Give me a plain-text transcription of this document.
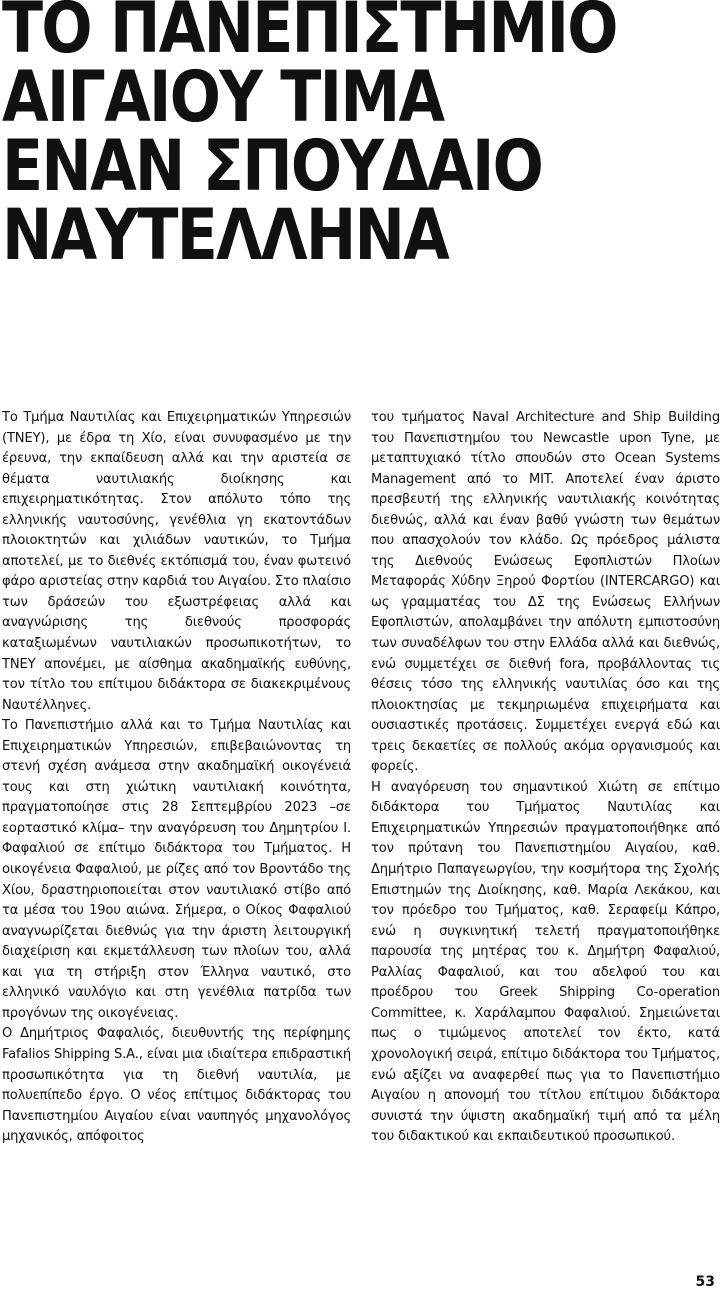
ΤΟ ΠΑΝΕΠΙΣΤΗΜΙΟ
ΑΙΓΑΙΟΥ ΤΙΜΑ
ΕΝΑΝ ΣΠΟΥΔΑΙΟ
ΝΑΥΤΕΛΛΗΝΑ

Το Τμήμα Ναυτιλίας και Επιχειρηματικών Υπηρεσιών (ΤΝΕΥ), με έδρα τη Χίο, είναι συνυφασμένο με την έρευνα, την εκπαίδευση αλλά και την αριστεία σε θέματα ναυτιλιακής διοίκησης και επιχειρηματικότητας. Στον απόλυτο τόπο της ελληνικής ναυτοσύνης, γενέθλια γη εκατοντάδων πλοιοκτητών και χιλιάδων ναυτικών, το Τμήμα αποτελεί, με το διεθνές εκτόπισμά του, έναν φωτεινό φάρο αριστείας στην καρδιά του Αιγαίου. Στο πλαίσιο των δράσεών του εξωστρέφειας αλλά και αναγνώρισης της διεθνούς προσφοράς καταξιωμένων ναυτιλιακών προσωπικοτήτων, το ΤΝΕΥ απονέμει, με αίσθημα ακαδημαϊκής ευθύνης, τον τίτλο του επίτιμου διδάκτορα σε διακεκριμένους Ναυτέλληνες.

Το Πανεπιστήμιο αλλά και το Τμήμα Ναυτιλίας και Επιχειρηματικών Υπηρεσιών, επιβεβαιώνοντας τη στενή σχέση ανάμεσα στην ακαδημαϊκή οικογένειά τους και στη χιώτικη ναυτιλιακή κοινότητα, πραγματοποίησε στις 28 Σεπτεμβρίου 2023 –σε εορταστικό κλίμα– την αναγόρευση του Δημητρίου Ι. Φαφαλιού σε επίτιμο διδάκτορα του Τμήματος. Η οικογένεια Φαφαλιού, με ρίζες από τον Βροντάδο της Χίου, δραστηριοποιείται στον ναυτιλιακό στίβο από τα μέσα του 19ου αιώνα. Σήμερα, ο Οίκος Φαφαλιού αναγνωρίζεται διεθνώς για την άριστη λειτουργική διαχείριση και εκμετάλλευση των πλοίων του, αλλά και για τη στήριξη στον Έλληνα ναυτικό, στο ελληνικό ναυλόγιο και στη γενέθλια πατρίδα των προγόνων της οικογένειας.

Ο Δημήτριος Φαφαλιός, διευθυντής της περίφημης Fafalios Shipping S.A., είναι μια ιδιαίτερα επιδραστική προσωπικότητα για τη διεθνή ναυτιλία, με πολυεπίπεδο έργο. Ο νέος επίτιμος διδάκτορας του Πανεπιστημίου Αιγαίου είναι ναυπηγός μηχανολόγος μηχανικός, απόφοιτος

του τμήματος Naval Architecture and Ship Building του Πανεπιστημίου του Newcastle upon Tyne, με μεταπτυχιακό τίτλο σπουδών στο Ocean Systems Management από το MIT. Αποτελεί έναν άριστο πρεσβευτή της ελληνικής ναυτιλιακής κοινότητας διεθνώς, αλλά και έναν βαθύ γνώστη των θεμάτων που απασχολούν τον κλάδο. Ως πρόεδρος μάλιστα της Διεθνούς Ενώσεως Εφοπλιστών Πλοίων Μεταφοράς Χύδην Ξηρού Φορτίου (INTERCARGO) και ως γραμματέας του ΔΣ της Ενώσεως Ελλήνων Εφοπλιστών, απολαμβάνει την απόλυτη εμπιστοσύνη των συναδέλφων του στην Ελλάδα αλλά και διεθνώς, ενώ συμμετέχει σε διεθνή fora, προβάλλοντας τις θέσεις τόσο της ελληνικής ναυτιλίας όσο και της πλοιοκτησίας με τεκμηριωμένα επιχειρήματα και ουσιαστικές προτάσεις. Συμμετέχει ενεργά εδώ και τρεις δεκαετίες σε πολλούς ακόμα οργανισμούς και φορείς.

Η αναγόρευση του σημαντικού Χιώτη σε επίτιμο διδάκτορα του Τμήματος Ναυτιλίας και Επιχειρηματικών Υπηρεσιών πραγματοποιήθηκε από τον πρύτανη του Πανεπιστημίου Αιγαίου, καθ. Δημήτριο Παπαγεωργίου, την κοσμήτορα της Σχολής Επιστημών της Διοίκησης, καθ. Μαρία Λεκάκου, και τον πρόεδρο του Τμήματος, καθ. Σεραφείμ Κάπρο, ενώ η συγκινητική τελετή πραγματοποιήθηκε παρουσία της μητέρας του κ. Δημήτρη Φαφαλιού, Ραλλίας Φαφαλιού, και του αδελφού του και προέδρου του Greek Shipping Co-operation Committee, κ. Χαράλαμπου Φαφαλιού. Σημειώνεται πως ο τιμώμενος αποτελεί τον έκτο, κατά χρονολογική σειρά, επίτιμο διδάκτορα του Τμήματος, ενώ αξίζει να αναφερθεί πως για το Πανεπιστήμιο Αιγαίου η απονομή του τίτλου επίτιμου διδάκτορα συνιστά την ύψιστη ακαδημαϊκή τιμή από τα μέλη του διδακτικού και εκπαιδευτικού προσωπικού.

53
